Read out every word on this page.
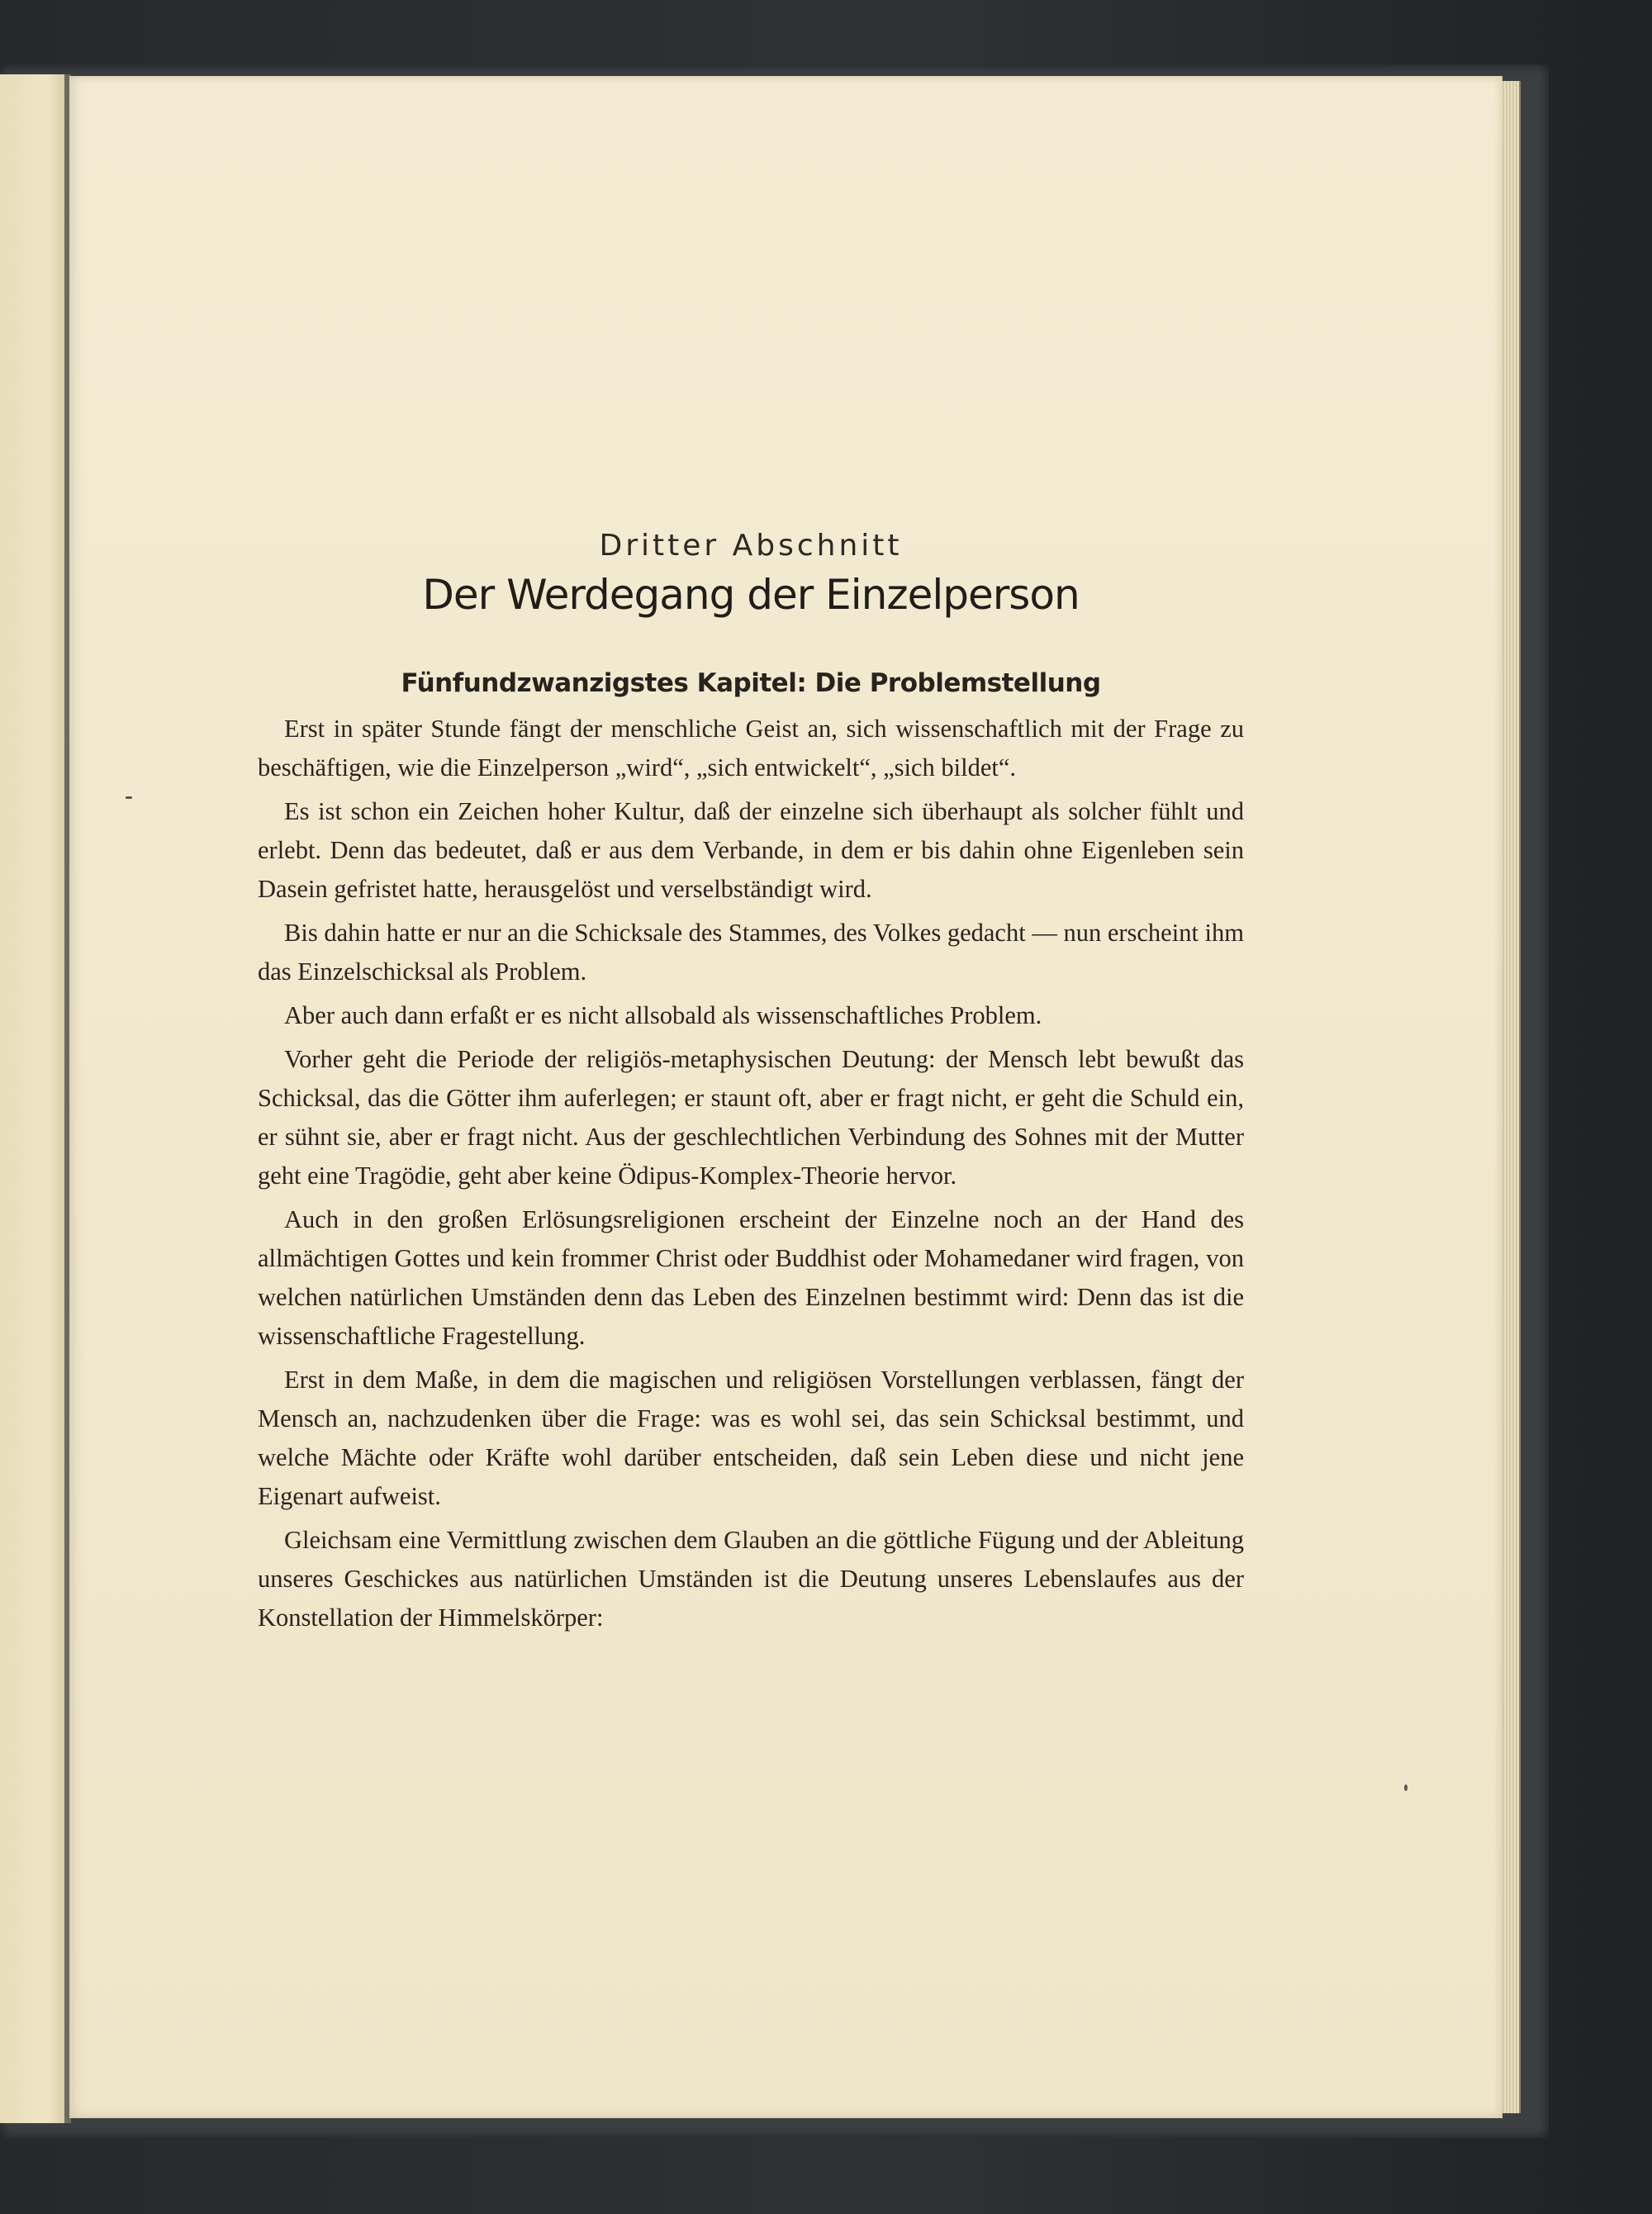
Dritter Abschnitt
Der Werdegang der Einzelperson
Fünfundzwanzigstes Kapitel: Die Problemstellung

Erst in später Stunde fängt der menschliche Geist an, sich wissenschaftlich mit der Frage zu beschäftigen, wie die Einzelperson „wird“, „sich entwickelt“, „sich bildet“.

Es ist schon ein Zeichen hoher Kultur, daß der einzelne sich überhaupt als solcher fühlt und erlebt. Denn das bedeutet, daß er aus dem Verbande, in dem er bis dahin ohne Eigenleben sein Dasein gefristet hatte, herausgelöst und verselbständigt wird.

Bis dahin hatte er nur an die Schicksale des Stammes, des Volkes gedacht — nun erscheint ihm das Einzelschicksal als Problem.

Aber auch dann erfaßt er es nicht allsobald als wissenschaftliches Problem.

Vorher geht die Periode der religiös-metaphysischen Deutung: der Mensch lebt bewußt das Schicksal, das die Götter ihm auferlegen; er staunt oft, aber er fragt nicht, er geht die Schuld ein, er sühnt sie, aber er fragt nicht. Aus der geschlechtlichen Verbindung des Sohnes mit der Mutter geht eine Tragödie, geht aber keine Ödipus-Komplex-Theorie hervor.

Auch in den großen Erlösungsreligionen erscheint der Einzelne noch an der Hand des allmächtigen Gottes und kein frommer Christ oder Buddhist oder Mohamedaner wird fragen, von welchen natürlichen Umständen denn das Leben des Einzelnen bestimmt wird: Denn das ist die wissenschaftliche Fragestellung.

Erst in dem Maße, in dem die magischen und religiösen Vorstellungen verblassen, fängt der Mensch an, nachzudenken über die Frage: was es wohl sei, das sein Schicksal bestimmt, und welche Mächte oder Kräfte wohl darüber entscheiden, daß sein Leben diese und nicht jene Eigenart aufweist.

Gleichsam eine Vermittlung zwischen dem Glauben an die göttliche Fügung und der Ableitung unseres Geschickes aus natürlichen Umständen ist die Deutung unseres Lebenslaufes aus der Konstellation der Himmelskörper:
